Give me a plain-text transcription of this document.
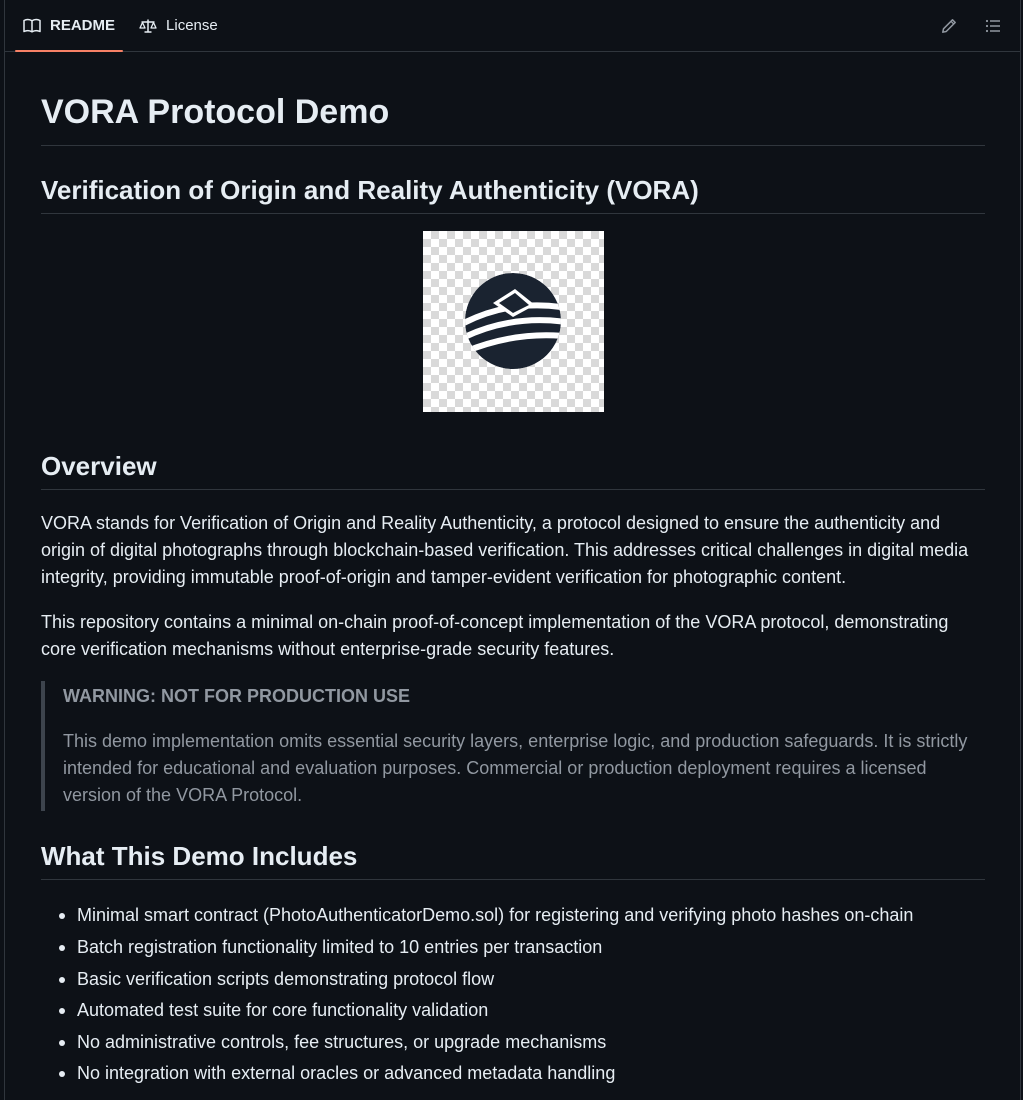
README	License
VORA Protocol Demo
Verification of Origin and Reality Authenticity (VORA)
Overview

VORA stands for Verification of Origin and Reality Authenticity, a protocol designed to ensure the authenticity and origin of digital photographs through blockchain-based verification. This addresses critical challenges in digital media integrity, providing immutable proof-of-origin and tamper-evident verification for photographic content.

This repository contains a minimal on-chain proof-of-concept implementation of the VORA protocol, demonstrating core verification mechanisms without enterprise-grade security features.

WARNING: NOT FOR PRODUCTION USE
This demo implementation omits essential security layers, enterprise logic, and production safeguards. It is strictly intended for educational and evaluation purposes. Commercial or production deployment requires a licensed version of the VORA Protocol.
What This Demo Includes
Minimal smart contract (PhotoAuthenticatorDemo.sol) for registering and verifying photo hashes on-chain
Batch registration functionality limited to 10 entries per transaction
Basic verification scripts demonstrating protocol flow
Automated test suite for core functionality validation
No administrative controls, fee structures, or upgrade mechanisms
No integration with external oracles or advanced metadata handling
